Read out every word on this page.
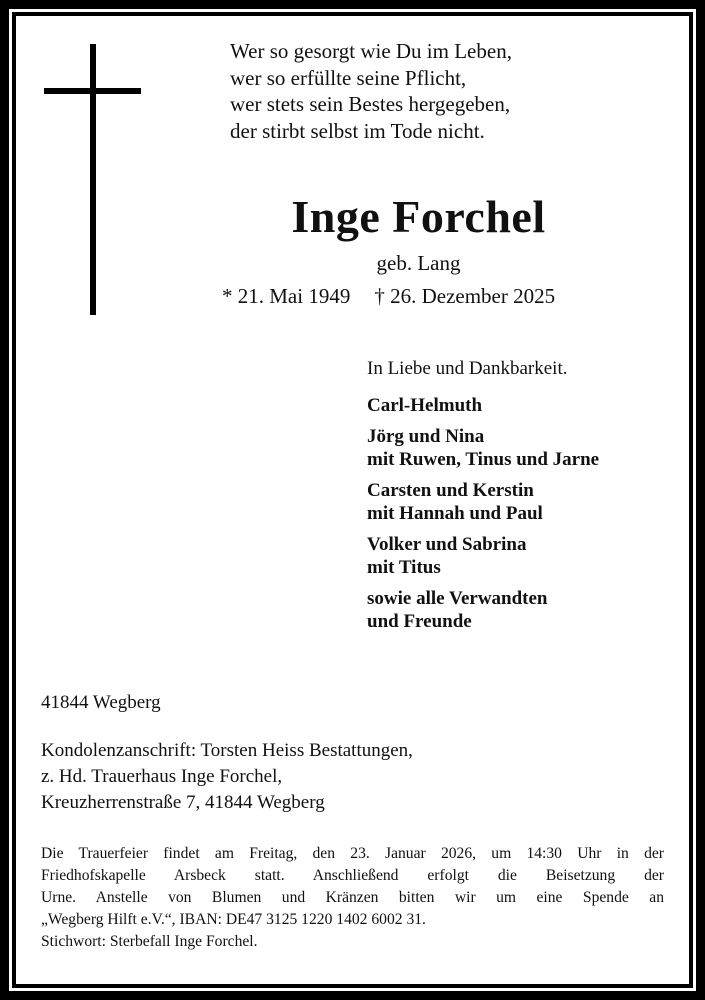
Wer so gesorgt wie Du im Leben,
wer so erfüllte seine Pflicht,
wer stets sein Bestes hergegeben,
der stirbt selbst im Tode nicht.
Inge Forchel
geb. Lang
* 21. Mai 1949 † 26. Dezember 2025
In Liebe und Dankbarkeit.
Carl-Helmuth
Jörg und Nina
mit Ruwen, Tinus und Jarne
Carsten und Kerstin
mit Hannah und Paul
Volker und Sabrina
mit Titus
sowie alle Verwandten
und Freunde
41844 Wegberg
Kondolenzanschrift: Torsten Heiss Bestattungen,
z. Hd. Trauerhaus Inge Forchel,
Kreuzherrenstraße 7, 41844 Wegberg

Die Trauerfeier findet am Freitag, den 23. Januar 2026, um 14:30 Uhr in der

Friedhofskapelle Arsbeck statt. Anschließend erfolgt die Beisetzung der

Urne. Anstelle von Blumen und Kränzen bitten wir um eine Spende an

„Wegberg Hilft e.V.“, IBAN: DE47 3125 1220 1402 6002 31.

Stichwort: Sterbefall Inge Forchel.
